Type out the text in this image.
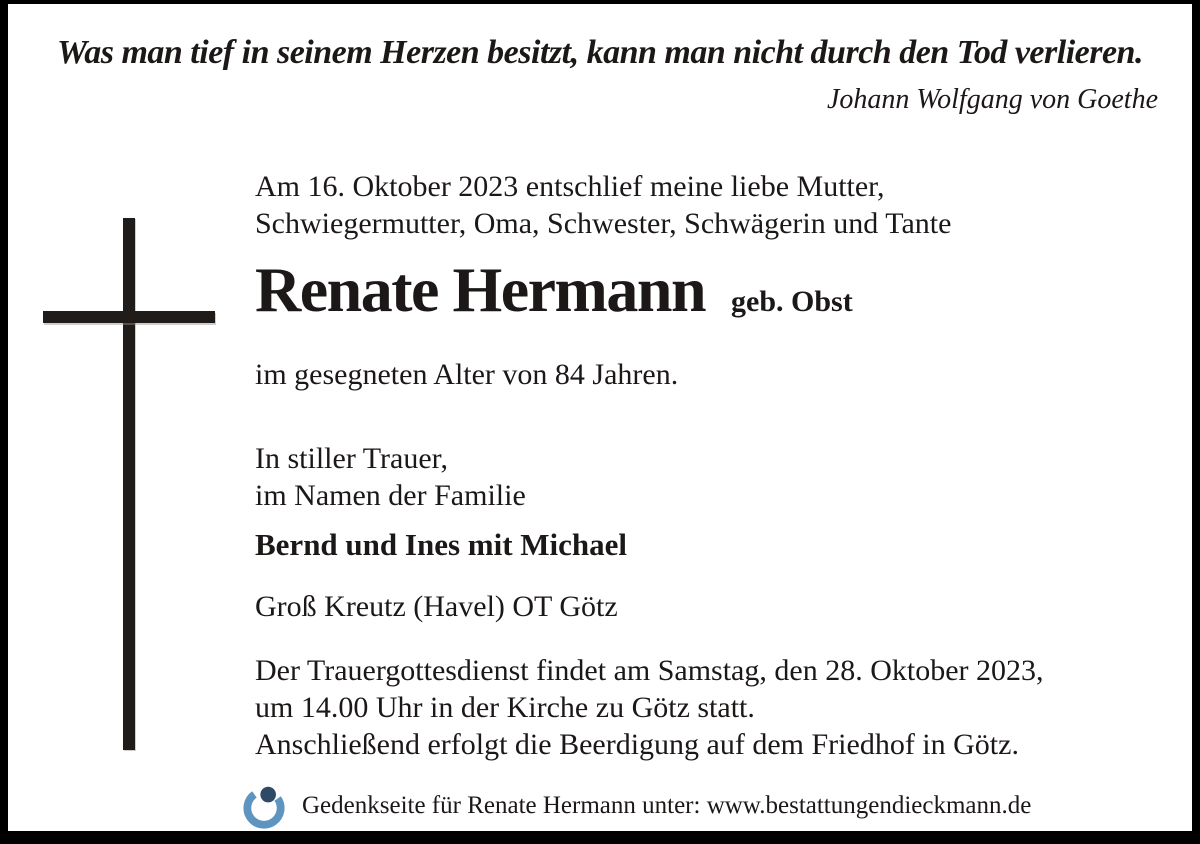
Was man tief in seinem Herzen besitzt, kann man nicht durch den Tod verlieren.
Johann Wolfgang von Goethe

Am 16. Oktober 2023 entschlief meine liebe Mutter,
Schwiegermutter, Oma, Schwester, Schwägerin und Tante

Renate Hermann geb. Obst

im gesegneten Alter von 84 Jahren.

In stiller Trauer,
im Namen der Familie

Bernd und Ines mit Michael

Groß Kreutz (Havel) OT Götz

Der Trauergottesdienst findet am Samstag, den 28. Oktober 2023,
um 14.00 Uhr in der Kirche zu Götz statt.
Anschließend erfolgt die Beerdigung auf dem Friedhof in Götz.

Gedenkseite für Renate Hermann unter: www.bestattungendieckmann.de
